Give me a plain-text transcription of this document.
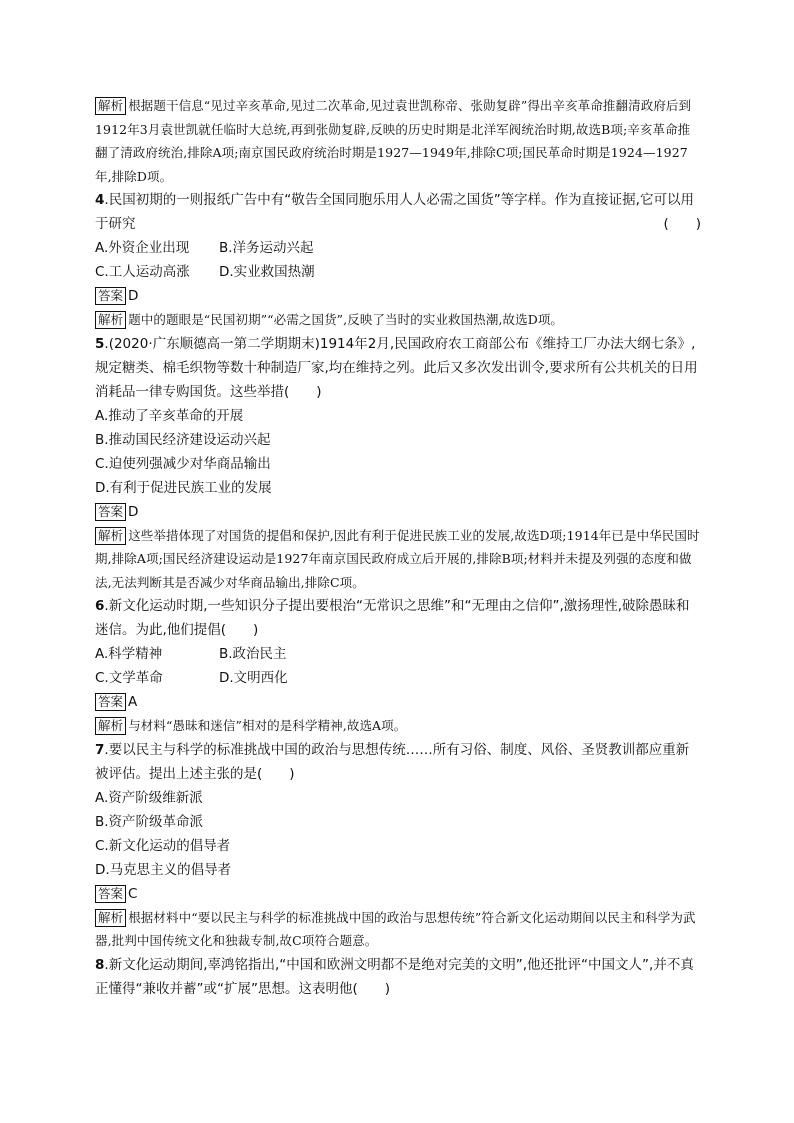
解析 根据题干信息“见过辛亥革命,见过二次革命,见过袁世凯称帝、张勋复辟”得出辛亥革命推翻清政府后到1912年3月袁世凯就任临时大总统,再到张勋复辟,反映的历史时期是北洋军阀统治时期,故选B项;辛亥革命推翻了清政府统治,排除A项;南京国民政府统治时期是1927—1949年,排除C项;国民革命时期是1924—1927年,排除D项。
4.民国初期的一则报纸广告中有“敬告全国同胞乐用人人必需之国货”等字样。作为直接证据,它可以用于研究	(　　)
A.外资企业出现 B.洋务运动兴起
C.工人运动高涨 D.实业救国热潮
答案 D
解析 题中的题眼是“民国初期”“必需之国货”,反映了当时的实业救国热潮,故选D项。
5.(2020·广东顺德高一第二学期期末)1914年2月,民国政府农工商部公布《维持工厂办法大纲七条》,规定糖类、棉毛织物等数十种制造厂家,均在维持之列。此后又多次发出训令,要求所有公共机关的日用消耗品一律专购国货。这些举措(　　)
A.推动了辛亥革命的开展
B.推动国民经济建设运动兴起
C.迫使列强减少对华商品输出
D.有利于促进民族工业的发展
答案 D
解析 这些举措体现了对国货的提倡和保护,因此有利于促进民族工业的发展,故选D项;1914年已是中华民国时期,排除A项;国民经济建设运动是1927年南京国民政府成立后开展的,排除B项;材料并未提及列强的态度和做法,无法判断其是否减少对华商品输出,排除C项。
6.新文化运动时期,一些知识分子提出要根治“无常识之思维”和“无理由之信仰”,激扬理性,破除愚昧和迷信。为此,他们提倡(　　)
A.科学精神	B.政治民主
C.文学革命	D.文明西化
答案 A
解析 与材料“愚昧和迷信”相对的是科学精神,故选A项。
7.要以民主与科学的标准挑战中国的政治与思想传统……所有习俗、制度、风俗、圣贤教训都应重新被评估。提出上述主张的是(　　)
A.资产阶级维新派
B.资产阶级革命派
C.新文化运动的倡导者
D.马克思主义的倡导者
答案 C
解析 根据材料中“要以民主与科学的标准挑战中国的政治与思想传统”符合新文化运动期间以民主和科学为武器,批判中国传统文化和独裁专制,故C项符合题意。
8.新文化运动期间,辜鸿铭指出,“中国和欧洲文明都不是绝对完美的文明”,他还批评“中国文人”,并不真正懂得“兼收并蓄”或“扩展”思想。这表明他(　　)
